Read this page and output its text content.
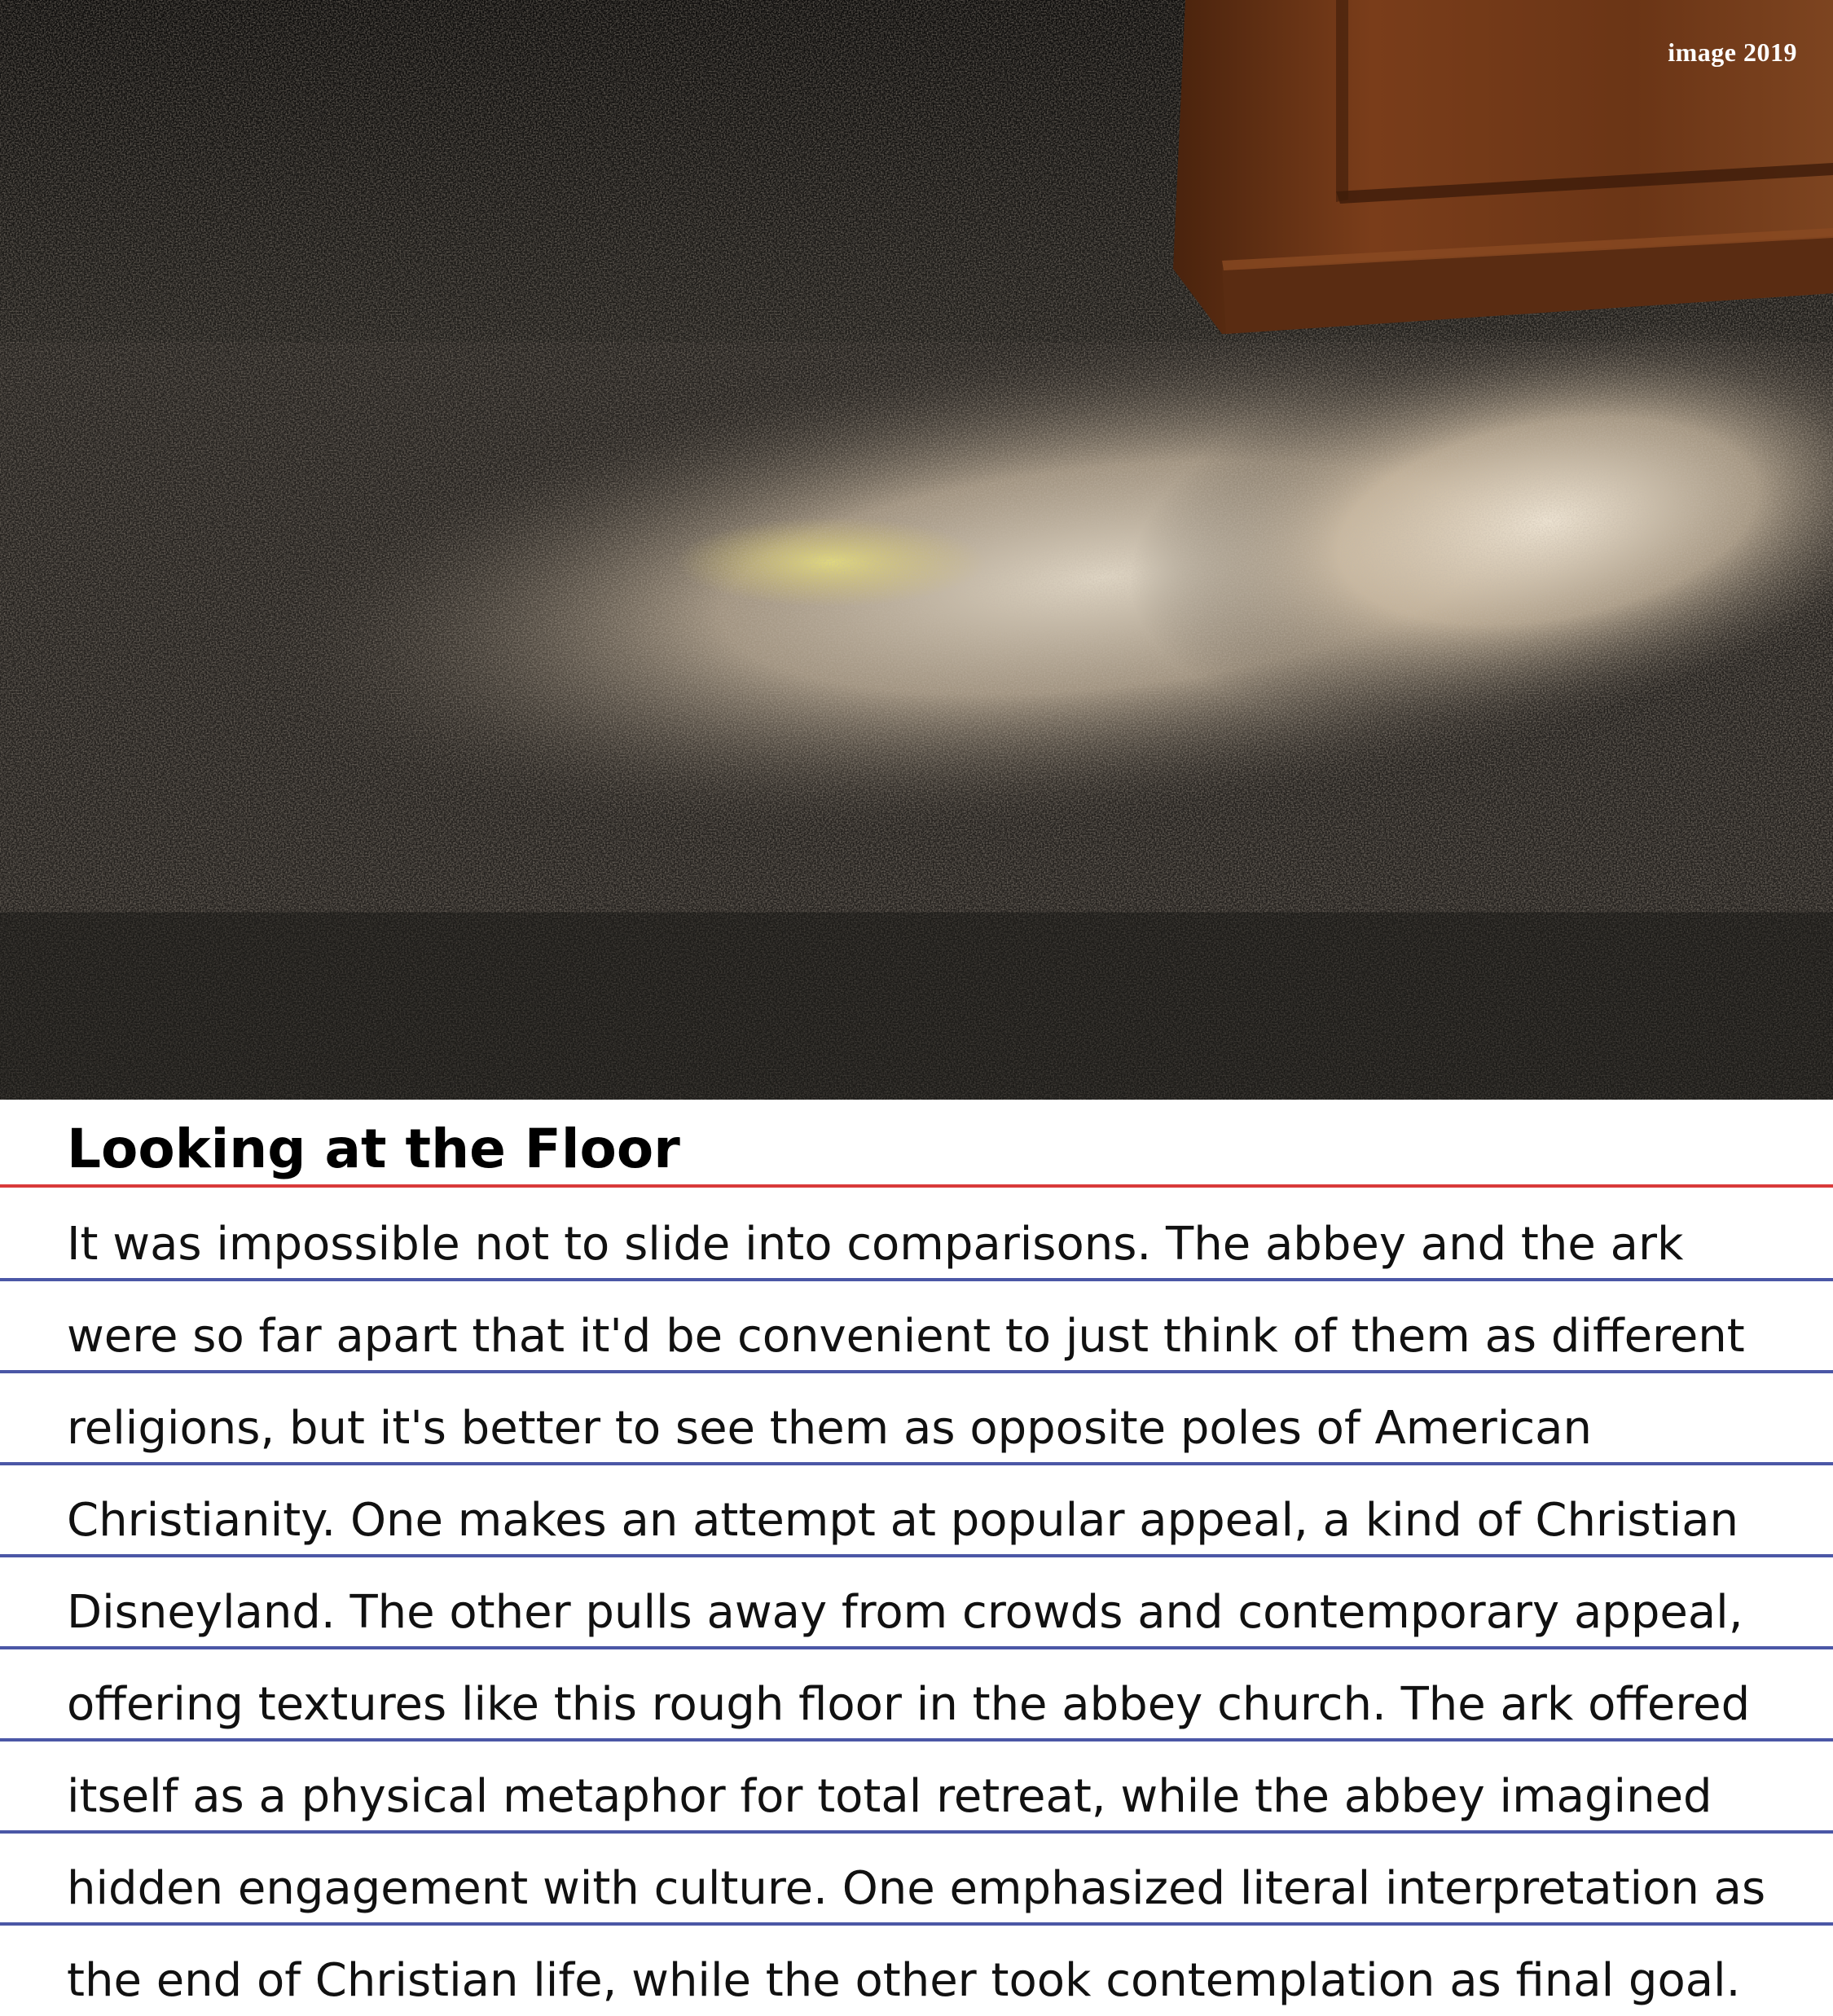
image 2019
Looking at the Floor

It was impossible not to slide into comparisons. The abbey and the ark

were so far apart that it'd be convenient to just think of them as different

religions, but it's better to see them as opposite poles of American

Christianity. One makes an attempt at popular appeal, a kind of Christian

Disneyland. The other pulls away from crowds and contemporary appeal,

offering textures like this rough floor in the abbey church. The ark offered

itself as a physical metaphor for total retreat, while the abbey imagined

hidden engagement with culture. One emphasized literal interpretation as

the end of Christian life, while the other took contemplation as final goal.
